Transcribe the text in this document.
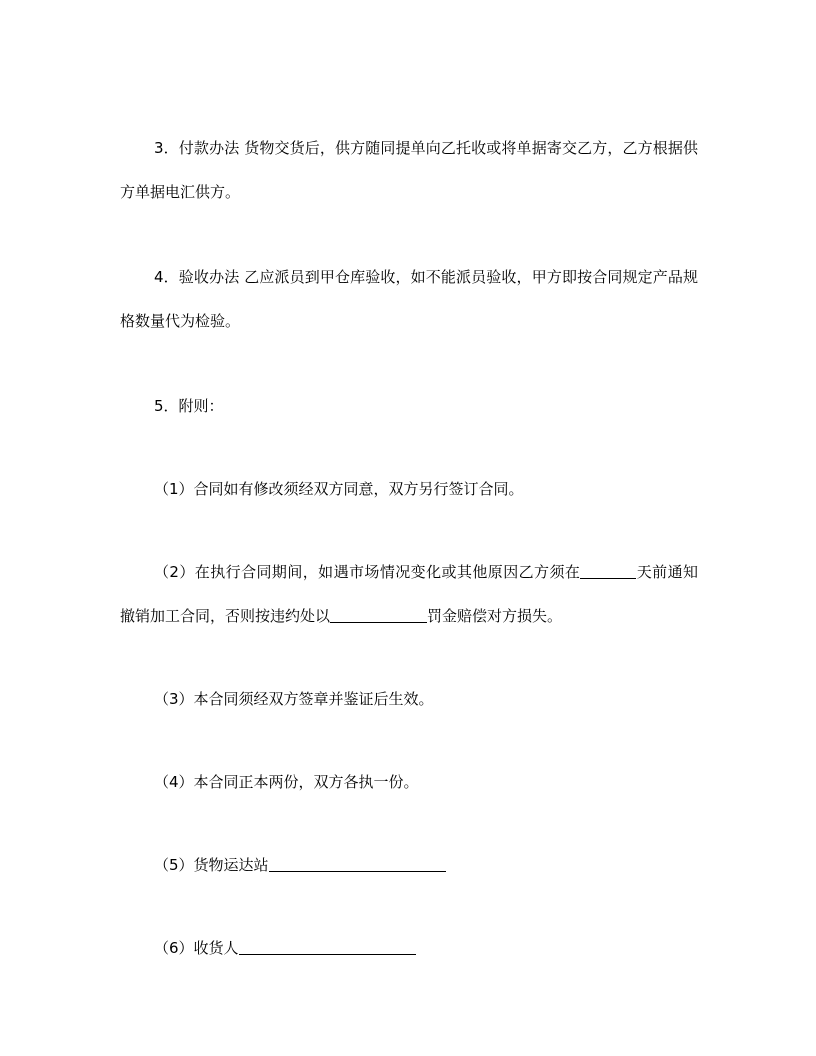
3．付款办法 货物交货后，供方随同提单向乙托收或将单据寄交乙方，乙方根据供方单据电汇供方。

4．验收办法 乙应派员到甲仓库验收，如不能派员验收，甲方即按合同规定产品规格数量代为检验。

5．附则：

（1）合同如有修改须经双方同意，双方另行签订合同。

（2）在执行合同期间，如遇市场情况变化或其他原因乙方须在	天前通知撤销加工合同，否则按违约处以	罚金赔偿对方损失。

（3）本合同须经双方签章并鉴证后生效。

（4）本合同正本两份，双方各执一份。

（5）货物运达站

（6）收货人
